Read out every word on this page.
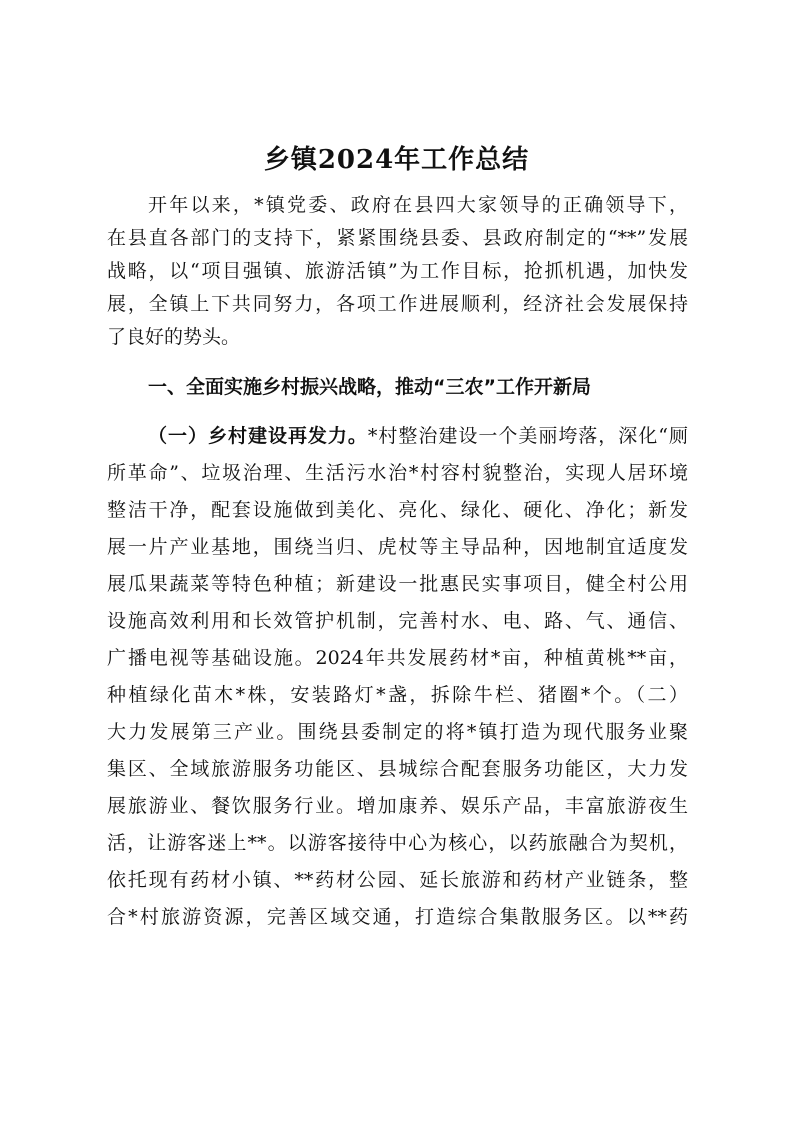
乡镇2024年工作总结
开年以来，*镇党委、政府在县四大家领导的正确领导下，
在县直各部门的支持下，紧紧围绕县委、县政府制定的“**”发展
战略，以“项目强镇、旅游活镇”为工作目标，抢抓机遇，加快发
展，全镇上下共同努力，各项工作进展顺利，经济社会发展保持
了良好的势头。
一、全面实施乡村振兴战略，推动“三农”工作开新局
（一）乡村建设再发力。*村整治建设一个美丽垮落，深化“厕
所革命”、垃圾治理、生活污水治*村容村貌整治，实现人居环境
整洁干净，配套设施做到美化、亮化、绿化、硬化、净化；新发
展一片产业基地，围绕当归、虎杖等主导品种，因地制宜适度发
展瓜果蔬菜等特色种植；新建设一批惠民实事项目，健全村公用
设施高效利用和长效管护机制，完善村水、电、路、气、通信、
广播电视等基础设施。2024年共发展药材*亩，种植黄桃**亩，
种植绿化苗木*株，安装路灯*盏，拆除牛栏、猪圈*个。（二）
大力发展第三产业。围绕县委制定的将*镇打造为现代服务业聚
集区、全域旅游服务功能区、县城综合配套服务功能区，大力发
展旅游业、餐饮服务行业。增加康养、娱乐产品，丰富旅游夜生
活，让游客迷上**。以游客接待中心为核心，以药旅融合为契机，
依托现有药材小镇、**药材公园、延长旅游和药材产业链条，整
合*村旅游资源，完善区域交通，打造综合集散服务区。以**药
